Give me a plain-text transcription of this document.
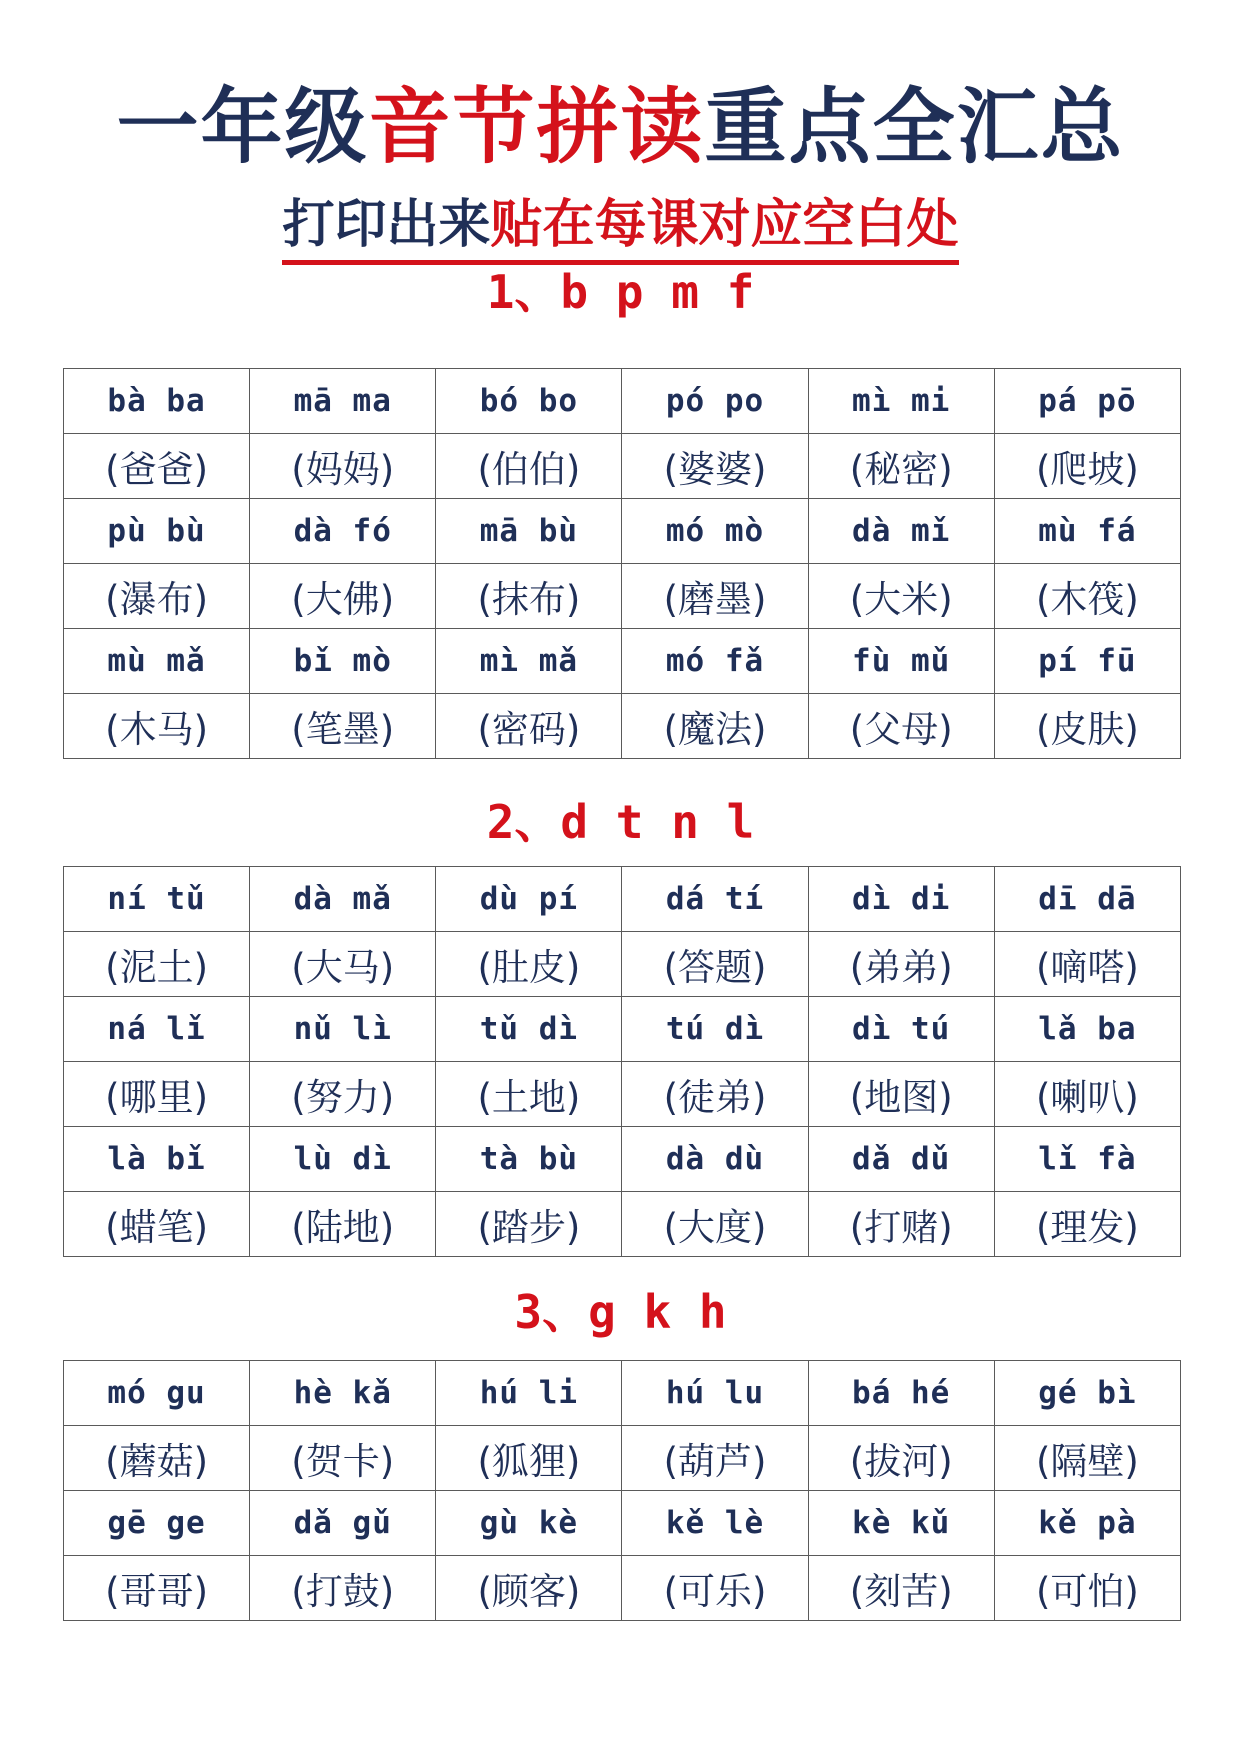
一年级音节拼读重点全汇总
打印出来贴在每课对应空白处
1、b p m f
bà ba	mā ma	bó bo	pó po	mì mi	pá pō
(爸爸)	(妈妈)	(伯伯)	(婆婆)	(秘密)	(爬坡)
pù bù	dà fó	mā bù	mó mò	dà mǐ	mù fá
(瀑布)	(大佛)	(抹布)	(磨墨)	(大米)	(木筏)
mù mǎ	bǐ mò	mì mǎ	mó fǎ	fù mǔ	pí fū
(木马)	(笔墨)	(密码)	(魔法)	(父母)	(皮肤)
2、d t n l
ní tǔ	dà mǎ	dù pí	dá tí	dì di	dī dā
(泥土)	(大马)	(肚皮)	(答题)	(弟弟)	(嘀嗒)
ná lǐ	nǔ lì	tǔ dì	tú dì	dì tú	lǎ ba
(哪里)	(努力)	(土地)	(徒弟)	(地图)	(喇叭)
là bǐ	lù dì	tà bù	dà dù	dǎ dǔ	lǐ fà
(蜡笔)	(陆地)	(踏步)	(大度)	(打赌)	(理发)
3、g k h
mó gu	hè kǎ	hú li	hú lu	bá hé	gé bì
(蘑菇)	(贺卡)	(狐狸)	(葫芦)	(拔河)	(隔壁)
gē ge	dǎ gǔ	gù kè	kě lè	kè kǔ	kě pà
(哥哥)	(打鼓)	(顾客)	(可乐)	(刻苦)	(可怕)
